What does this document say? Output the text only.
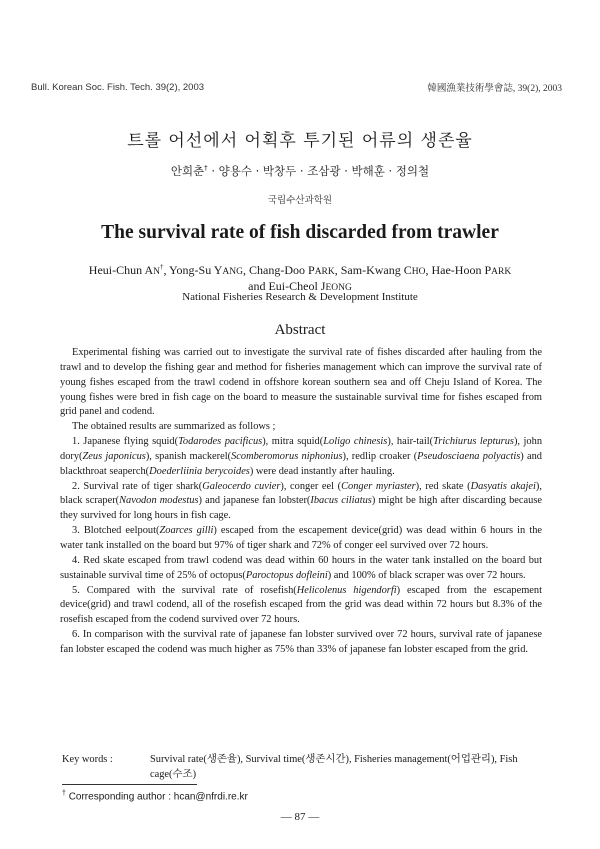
Bull. Korean Soc. Fish. Tech. 39(2), 2003	韓國漁業技術學會誌, 39(2), 2003
트롤 어선에서 어획후 투기된 어류의 생존율
안희춘† · 양용수 · 박창두 · 조삼광 · 박해훈 · 정의철
국립수산과학원
The survival rate of fish discarded from trawler
Heui-Chun AN†, Yong-Su YANG, Chang-Doo PARK, Sam-Kwang CHO, Hae-Hoon PARK
and Eui-Cheol JEONG
National Fisheries Research & Development Institute
Abstract

Experimental fishing was carried out to investigate the survival rate of fishes discarded after hauling from the trawl and to develop the fishing gear and method for fisheries management which can improve the survival rate of young fishes escaped from the trawl codend in offshore korean southern sea and off Cheju Island of Korea. The young fishes were bred in fish cage on the board to measure the sustainable survival time for fishes escaped from grid panel and codend.

The obtained results are summarized as follows ;

1. Japanese flying squid(Todarodes pacificus), mitra squid(Loligo chinesis), hair-tail(Trichiurus lepturus), john dory(Zeus japonicus), spanish mackerel(Scomberomorus niphonius), redlip croaker (Pseudosciaena polyactis) and blackthroat seaperch(Doederliinia berycoides) were dead instantly after hauling.

2. Survival rate of tiger shark(Galeocerdo cuvier), conger eel (Conger myriaster), red skate (Dasyatis akajei), black scraper(Navodon modestus) and japanese fan lobster(Ibacus ciliatus) might be high after discarding because they survived for long hours in fish cage.

3. Blotched eelpout(Zoarces gilli) escaped from the escapement device(grid) was dead within 6 hours in the water tank installed on the board but 97% of tiger shark and 72% of conger eel survived over 72 hours.

4. Red skate escaped from trawl codend was dead within 60 hours in the water tank installed on the board but sustainable survival time of 25% of octopus(Paroctopus dofleini) and 100% of black scraper was over 72 hours.

5. Compared with the survival rate of rosefish(Helicolenus higendorfi) escaped from the escapement device(grid) and trawl codend, all of the rosefish escaped from the grid was dead within 72 hours but 8.3% of the rosefish escaped from the codend survived over 72 hours.

6. In comparison with the survival rate of japanese fan lobster survived over 72 hours, survival rate of japanese fan lobster escaped the codend was much higher as 75% than 33% of japanese fan lobster escaped from the grid.

Key words :	Survival rate(생존율), Survival time(생존시간), Fisheries management(어업관리), Fish cage(수조)
† Corresponding author : hcan@nfrdi.re.kr
— 87 —
